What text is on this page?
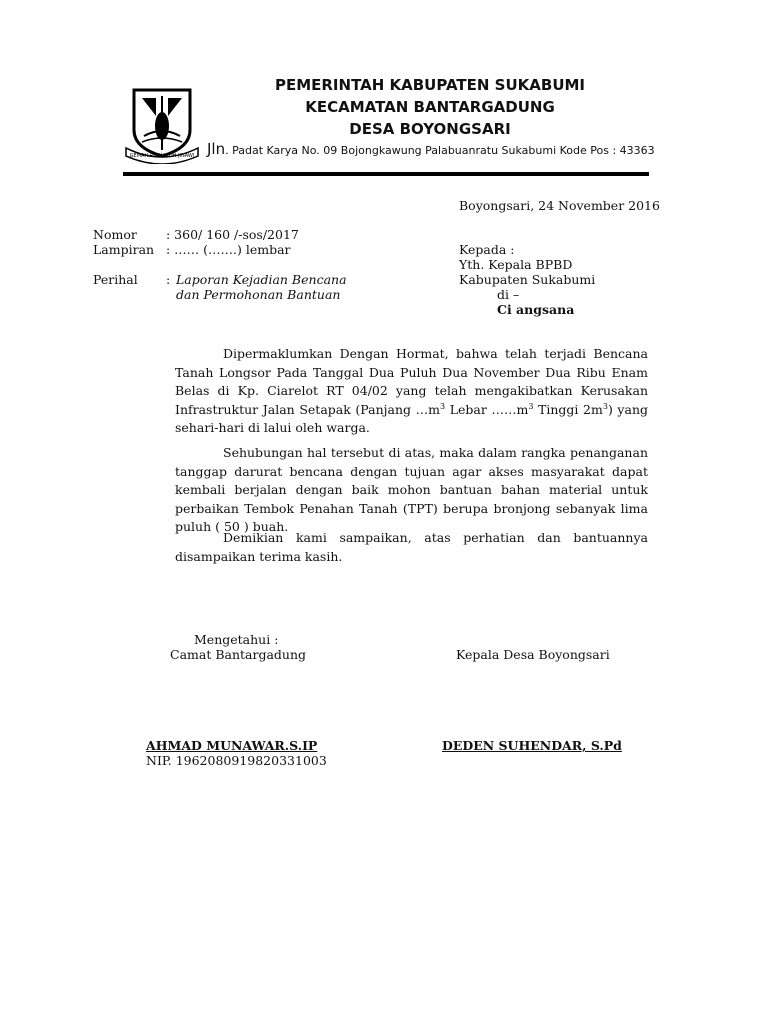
GEMAH RIPAH LOH JINAWI
PEMERINTAH KABUPATEN SUKABUMI
KECAMATAN BANTARGADUNG
DESA BOYONGSARI
Jln. Padat Karya No. 09 Bojongkawung Palabuanratu Sukabumi Kode Pos : 43363
Boyongsari, 24 November 2016
Nomor : 360/ 160 /-sos/2017
Lampiran : …… (…….) lembar
Perihal : Laporan Kejadian Bencana
dan Permohonan Bantuan
Kepada :
Yth. Kepala BPBD
Kabupaten Sukabumi
di –
Ci angsana

Dipermaklumkan Dengan Hormat, bahwa telah terjadi Bencana Tanah Longsor Pada Tanggal Dua Puluh Dua November Dua Ribu Enam Belas di Kp. Ciarelot RT 04/02 yang telah mengakibatkan Kerusakan Infrastruktur Jalan Setapak (Panjang $\dots m^3$ Lebar $\dots\dots m^3$ Tinggi $2m^3$) yang sehari-hari di lalui oleh warga.

Sehubungan hal tersebut di atas, maka dalam rangka penanganan tanggap darurat bencana dengan tujuan agar akses masyarakat dapat kembali berjalan dengan baik mohon bantuan bahan material untuk perbaikan Tembok Penahan Tanah (TPT) berupa bronjong sebanyak lima puluh ( 50 ) buah.

Demikian kami sampaikan, atas perhatian dan bantuannya disampaikan terima kasih.

Mengetahui :
Camat Bantargadung	Kepala Desa Boyongsari
AHMAD MUNAWAR.S.IP
NIP. 1962080919820331003
DEDEN SUHENDAR, S.Pd
